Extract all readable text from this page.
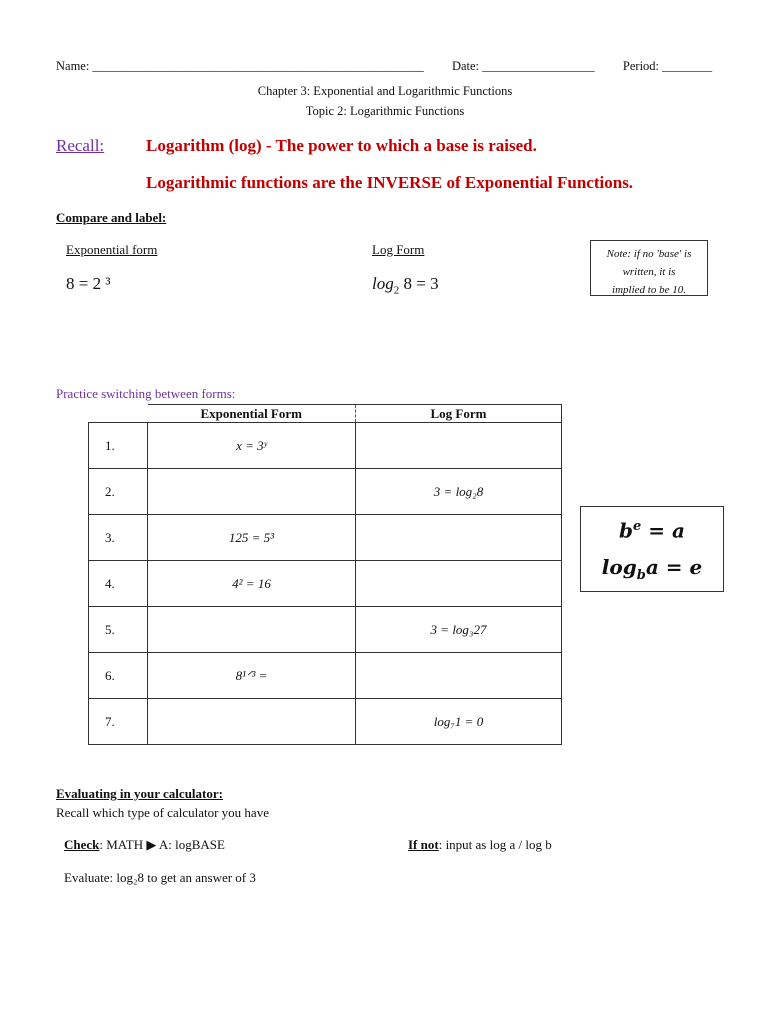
Name: _____________________________________________________ Date: __________________ Period: ________
Chapter 3: Exponential and Logarithmic Functions
Topic 2: Logarithmic Functions
Recall: Logarithm (log) - The power to which a base is raised.
Logarithmic functions are the INVERSE of Exponential Functions.
Compare and label:
Exponential form	Log Form
8 = 2 ³	$\log_2 8 = 3$
Note: if no 'base' is
written, it is
implied to be 10.
Practice switching between forms:
	Exponential Form	Log Form
1.	x = 3ʸ	
2.		3 = log₂8
3.	125 = 5³	
4.	4² = 16	
5.		3 = log₃27
6.	8¹ᐟ³ =	
7.		log₇1 = 0
$b^e = a$
$\log_ba = e$
Evaluating in your calculator:
Recall which type of calculator you have
Check: MATH ▶ A: logBASE	If not: input as log a / log b
Evaluate: log₂8 to get an answer of 3
